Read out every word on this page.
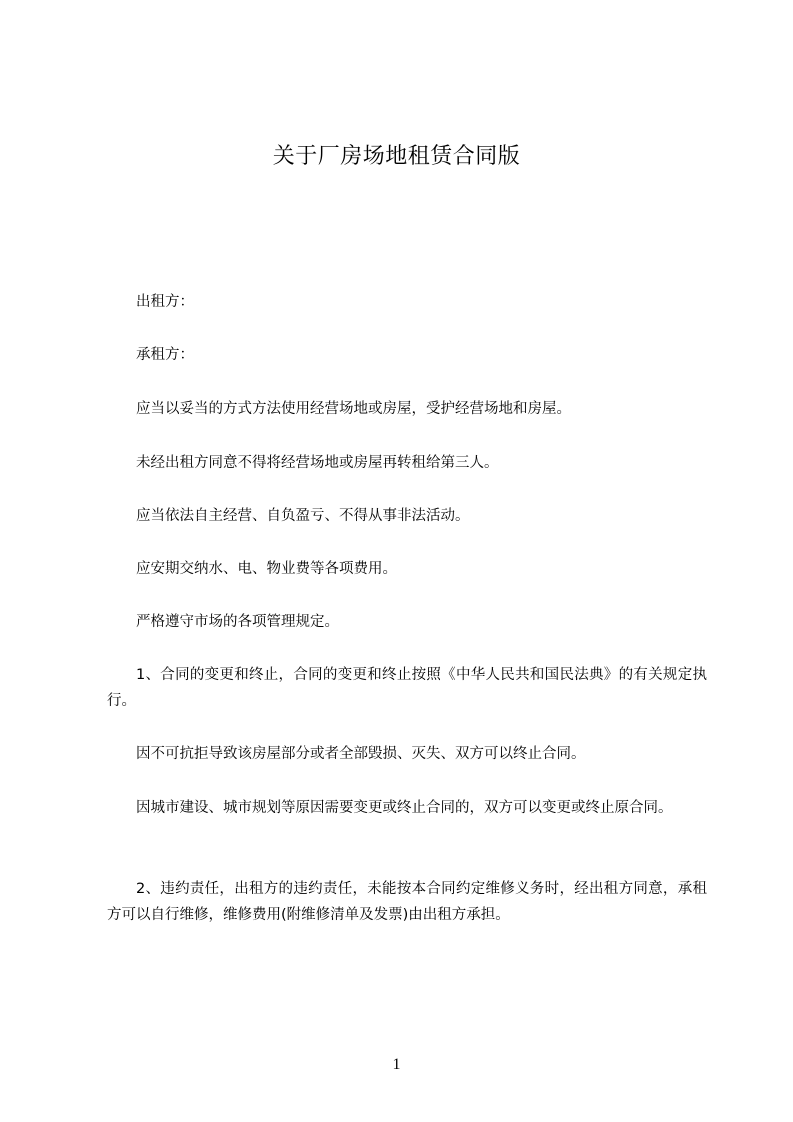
关于厂房场地租赁合同版
出租方：
承租方：
应当以妥当的方式方法使用经营场地或房屋，受护经营场地和房屋。
未经出租方同意不得将经营场地或房屋再转租给第三人。
应当依法自主经营、自负盈亏、不得从事非法活动。
应安期交纳水、电、物业费等各项费用。
严格遵守市场的各项管理规定。
1、合同的变更和终止，合同的变更和终止按照《中华人民共和国民法典》的有关规定执行。
因不可抗拒导致该房屋部分或者全部毁损、灭失、双方可以终止合同。
因城市建设、城市规划等原因需要变更或终止合同的，双方可以变更或终止原合同。
2、违约责任，出租方的违约责任，未能按本合同约定维修义务时，经出租方同意，承租方可以自行维修，维修费用(附维修清单及发票)由出租方承担。
1
